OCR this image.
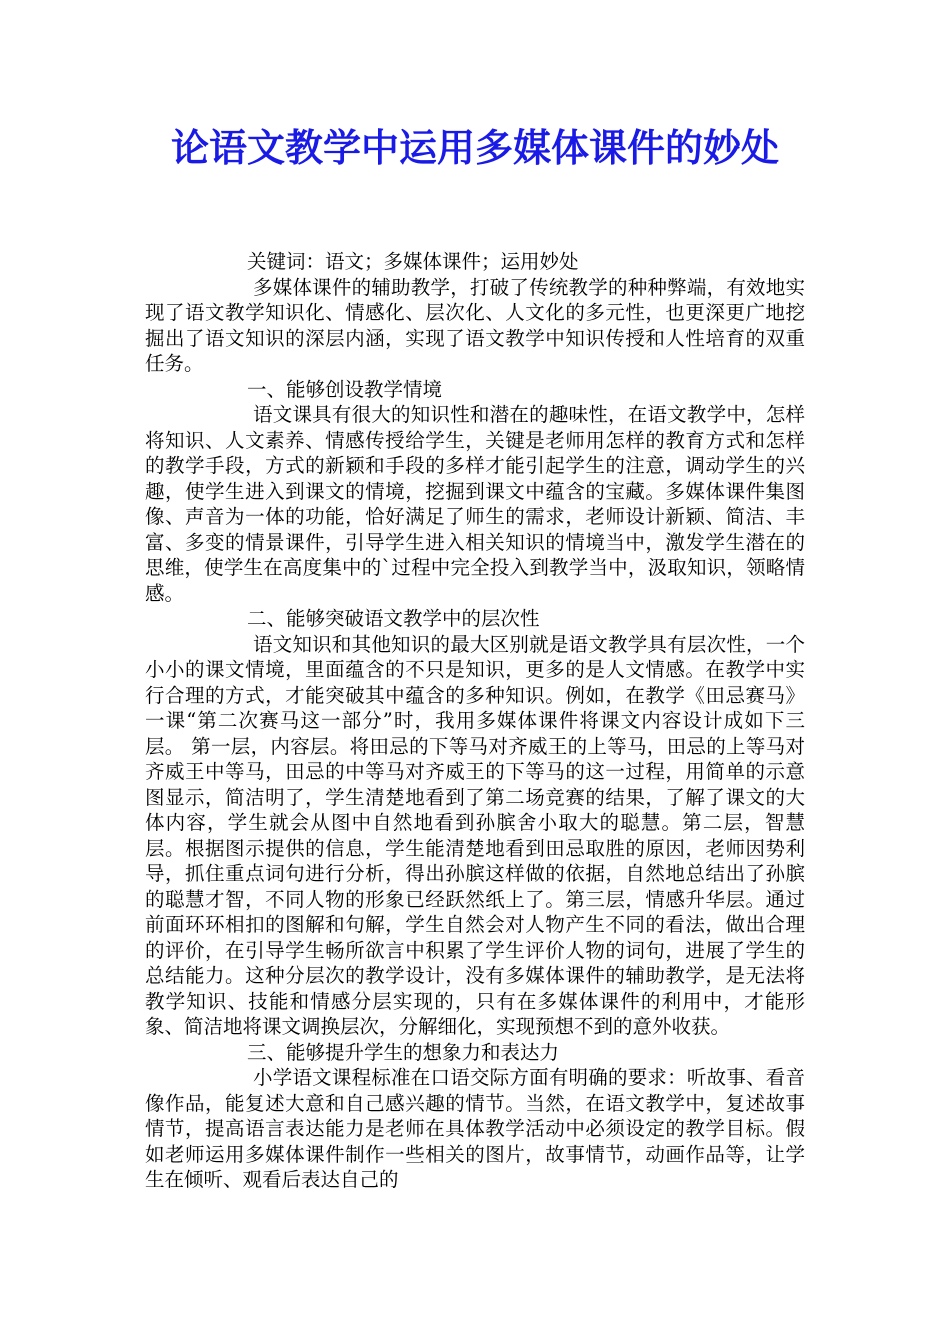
论语文教学中运用多媒体课件的妙处

关键词：语文；多媒体课件；运用妙处

多媒体课件的辅助教学，打破了传统教学的种种弊端，有效地实现了语文教学知识化、情感化、层次化、人文化的多元性，也更深更广地挖掘出了语文知识的深层内涵，实现了语文教学中知识传授和人性培育的双重任务。

一、能够创设教学情境

语文课具有很大的知识性和潜在的趣味性，在语文教学中，怎样将知识、人文素养、情感传授给学生，关键是老师用怎样的教育方式和怎样的教学手段，方式的新颖和手段的多样才能引起学生的注意，调动学生的兴趣，使学生进入到课文的情境，挖掘到课文中蕴含的宝藏。多媒体课件集图像、声音为一体的功能，恰好满足了师生的需求，老师设计新颖、简洁、丰富、多变的情景课件，引导学生进入相关知识的情境当中，激发学生潜在的思维，使学生在高度集中的`过程中完全投入到教学当中，汲取知识，领略情感。

二、能够突破语文教学中的层次性

语文知识和其他知识的最大区别就是语文教学具有层次性，一个小小的课文情境，里面蕴含的不只是知识，更多的是人文情感。在教学中实行合理的方式，才能突破其中蕴含的多种知识。例如，在教学《田忌赛马》一课“第二次赛马这一部分”时，我用多媒体课件将课文内容设计成如下三层。 第一层，内容层。将田忌的下等马对齐威王的上等马，田忌的上等马对齐威王中等马，田忌的中等马对齐威王的下等马的这一过程，用简单的示意图显示，简洁明了，学生清楚地看到了第二场竞赛的结果，了解了课文的大体内容，学生就会从图中自然地看到孙膑舍小取大的聪慧。第二层，智慧层。根据图示提供的信息，学生能清楚地看到田忌取胜的原因，老师因势利导，抓住重点词句进行分析，得出孙膑这样做的依据，自然地总结出了孙膑的聪慧才智，不同人物的形象已经跃然纸上了。第三层，情感升华层。通过前面环环相扣的图解和句解，学生自然会对人物产生不同的看法，做出合理的评价，在引导学生畅所欲言中积累了学生评价人物的词句，进展了学生的总结能力。这种分层次的教学设计，没有多媒体课件的辅助教学，是无法将教学知识、技能和情感分层实现的，只有在多媒体课件的利用中，才能形象、简洁地将课文调换层次，分解细化，实现预想不到的意外收获。

三、能够提升学生的想象力和表达力

小学语文课程标准在口语交际方面有明确的要求：听故事、看音像作品，能复述大意和自己感兴趣的情节。当然，在语文教学中，复述故事情节，提高语言表达能力是老师在具体教学活动中必须设定的教学目标。假如老师运用多媒体课件制作一些相关的图片，故事情节，动画作品等，让学生在倾听、观看后表达自己的
